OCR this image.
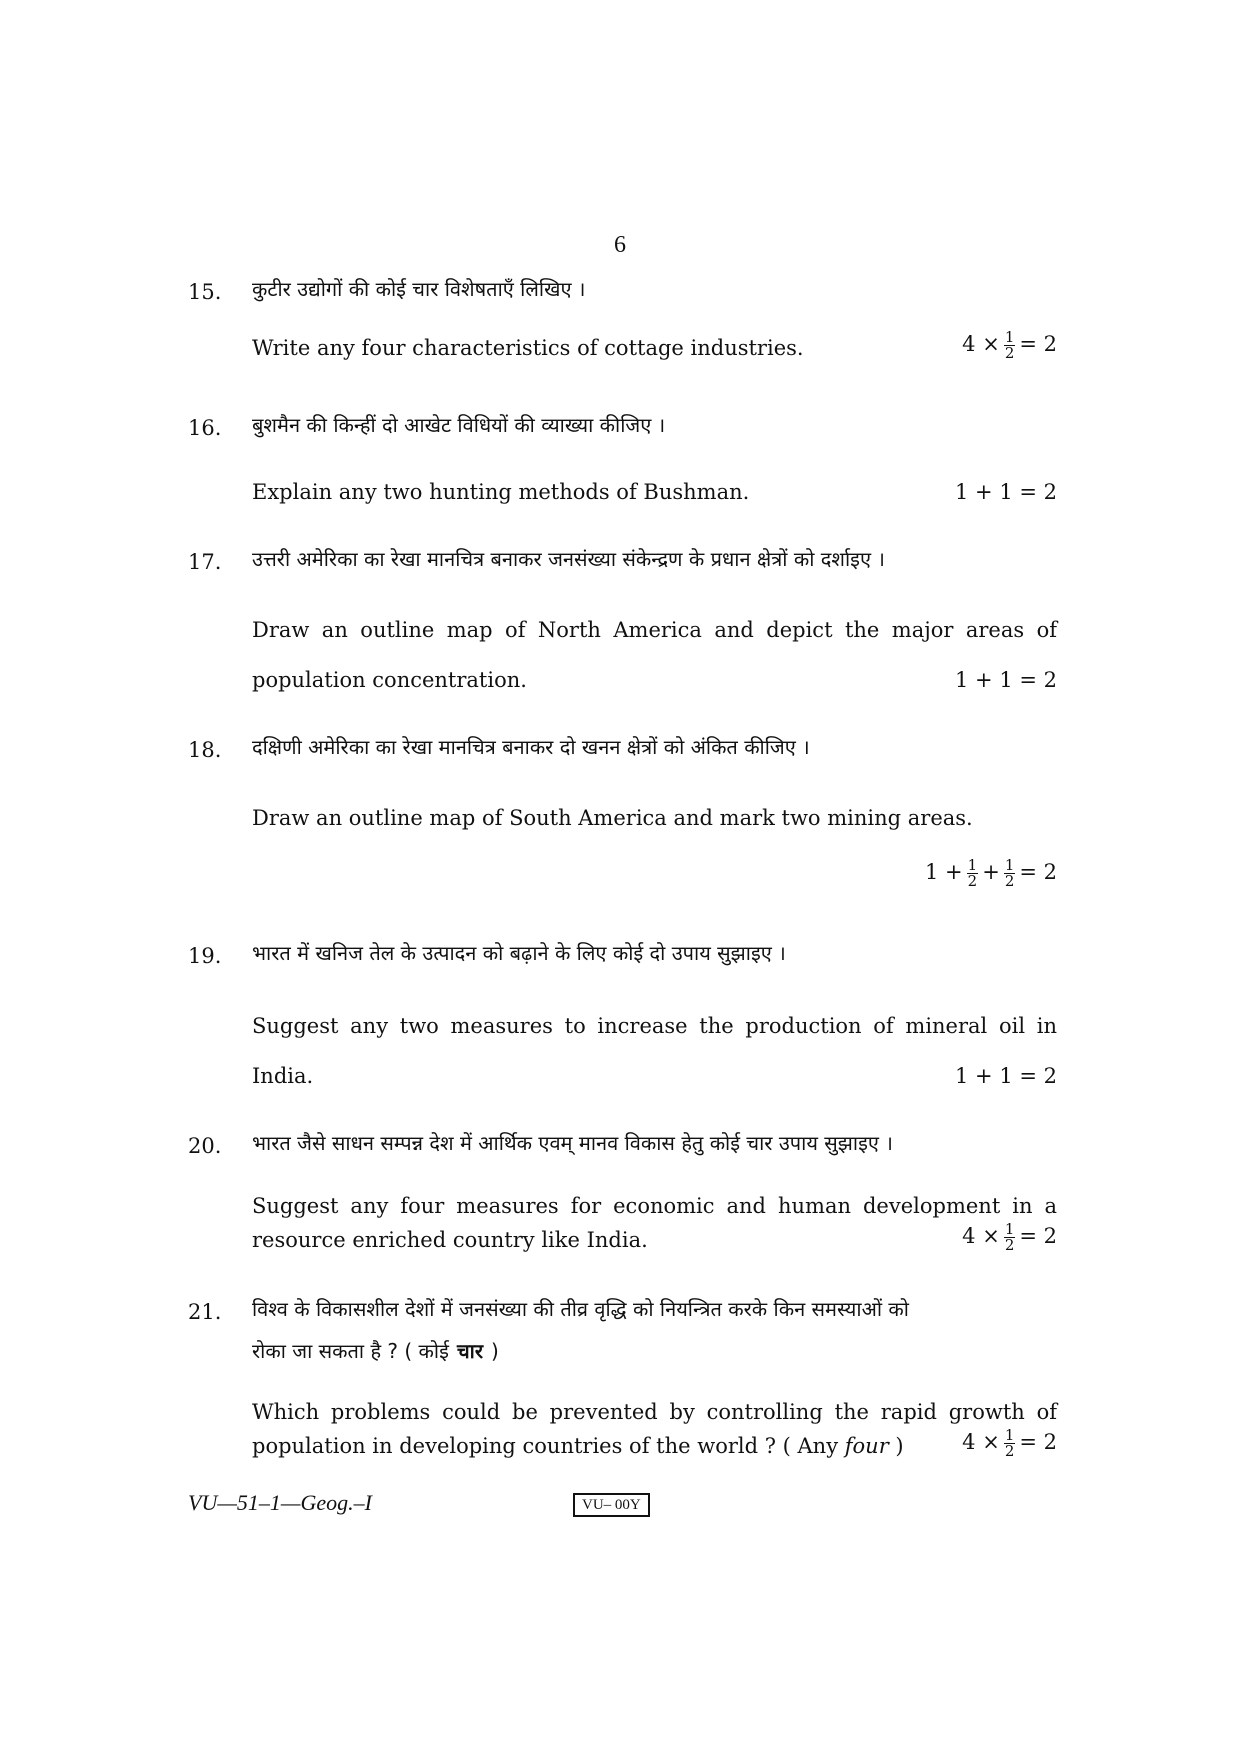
6
15. कुटीर उद्योगों की कोई चार विशेषताएँ लिखिए ।
Write any four characteristics of cottage industries.	$4 \times \frac{1}{2} = 2$
16. बुशमैन की किन्हीं दो आखेट विधियों की व्याख्या कीजिए ।
Explain any two hunting methods of Bushman.	1 + 1 = 2
17. उत्तरी अमेरिका का रेखा मानचित्र बनाकर जनसंख्या संकेन्द्रण के प्रधान क्षेत्रों को दर्शाइए ।
Draw an outline map of North America and depict the major areas of
population concentration.	1 + 1 = 2
18. दक्षिणी अमेरिका का रेखा मानचित्र बनाकर दो खनन क्षेत्रों को अंकित कीजिए ।
Draw an outline map of South America and mark two mining areas.
$1 + \frac{1}{2} + \frac{1}{2} = 2$
19. भारत में खनिज तेल के उत्पादन को बढ़ाने के लिए कोई दो उपाय सुझाइए ।
Suggest any two measures to increase the production of mineral oil in
India.	1 + 1 = 2
20. भारत जैसे साधन सम्पन्न देश में आर्थिक एवम् मानव विकास हेतु कोई चार उपाय सुझाइए ।
Suggest any four measures for economic and human development in a
resource enriched country like India.	$4 \times \frac{1}{2} = 2$
21. विश्व के विकासशील देशों में जनसंख्या की तीव्र वृद्धि को नियन्त्रित करके किन समस्याओं को
रोका जा सकता है ? ( कोई चार )
Which problems could be prevented by controlling the rapid growth of
population in developing countries of the world ? ( Any four )	$4 \times \frac{1}{2} = 2$
VU—51–1—Geog.–I	VU– 00Y
